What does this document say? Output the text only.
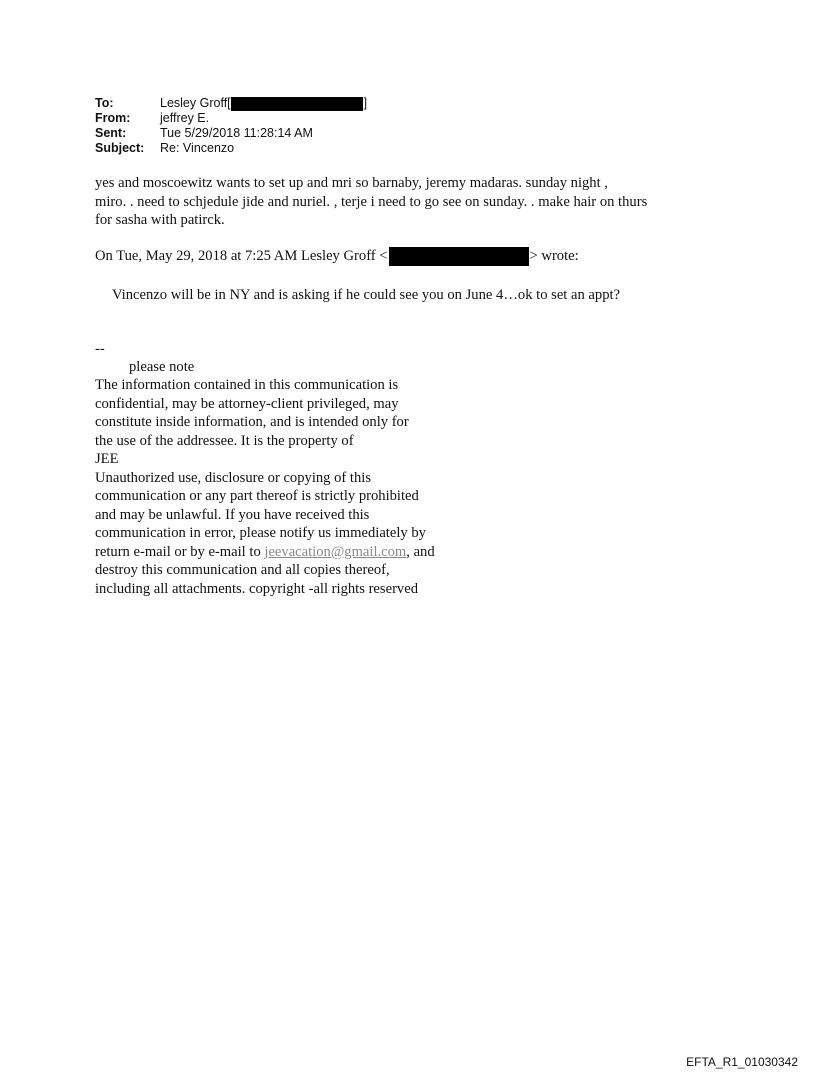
To:	Lesley Groff[	]
From:	jeffrey E.
Sent:	Tue 5/29/2018 11:28:14 AM
Subject:	Re: Vincenzo
yes and moscoewitz wants to set up and mri so barnaby, jeremy madaras. sunday night ,
miro. . need to schjedule jide and nuriel. , terje i need to go see on sunday. . make hair on thurs
for sasha with patirck.
On Tue, May 29, 2018 at 7:25 AM Lesley Groff <	> wrote:
Vincenzo will be in NY and is asking if he could see you on June 4…ok to set an appt?
--
please note
The information contained in this communication is
confidential, may be attorney-client privileged, may
constitute inside information, and is intended only for
the use of the addressee. It is the property of
JEE
Unauthorized use, disclosure or copying of this
communication or any part thereof is strictly prohibited
and may be unlawful. If you have received this
communication in error, please notify us immediately by
return e-mail or by e-mail to jeevacation@gmail.com, and
destroy this communication and all copies thereof,
including all attachments. copyright -all rights reserved
EFTA_R1_01030342
